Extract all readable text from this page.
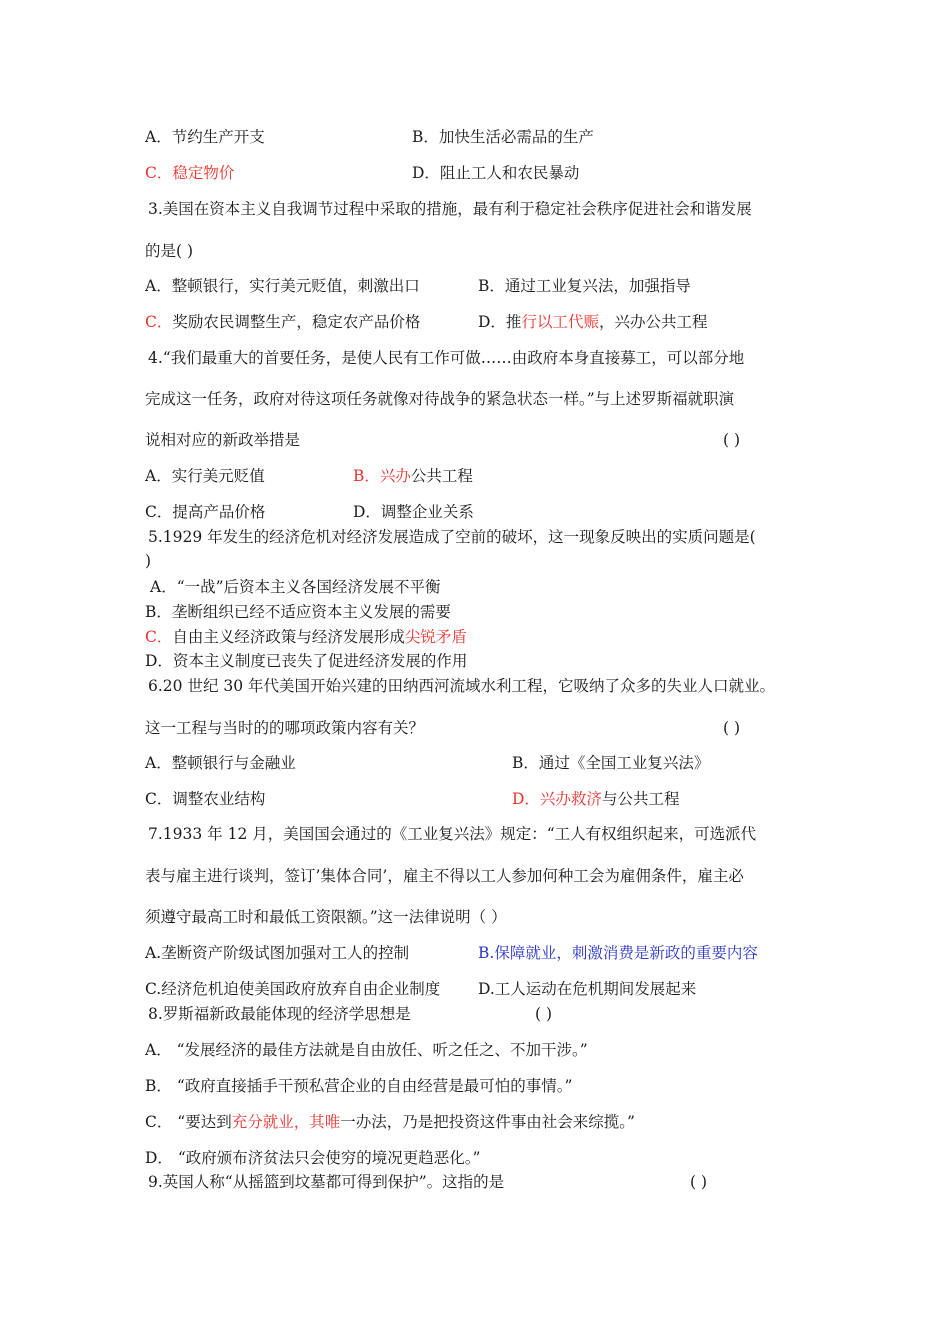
A．节约生产开支	B．加快生活必需品的生产
C．稳定物价	D．阻止工人和农民暴动
3.美国在资本主义自我调节过程中采取的措施，最有利于稳定社会秩序促进社会和谐发展
的是( )
A．整顿银行，实行美元贬值，刺激出口	B．通过工业复兴法，加强指导
C．奖励农民调整生产，稳定农产品价格	D．推行以工代赈，兴办公共工程
4.“我们最重大的首要任务，是使人民有工作可做……由政府本身直接募工，可以部分地
完成这一任务，政府对待这项任务就像对待战争的紧急状态一样。”与上述罗斯福就职演
说相对应的新政举措是	( )
A．实行美元贬值	B．兴办公共工程
C．提高产品价格	D．调整企业关系
5.1929 年发生的经济危机对经济发展造成了空前的破坏，这一现象反映出的实质问题是(
)
A．“一战”后资本主义各国经济发展不平衡
B．垄断组织已经不适应资本主义发展的需要
C．自由主义经济政策与经济发展形成尖锐矛盾
D．资本主义制度已丧失了促进经济发展的作用
6.20 世纪 30 年代美国开始兴建的田纳西河流域水利工程，它吸纳了众多的失业人口就业。
这一工程与当时的的哪项政策内容有关？	( )
A．整顿银行与金融业	B．通过《全国工业复兴法》
C．调整农业结构	D．兴办救济与公共工程
7.1933 年 12 月，美国国会通过的《工业复兴法》规定：“工人有权组织起来，可选派代
表与雇主进行谈判，签订’集体合同’，雇主不得以工人参加何种工会为雇佣条件，雇主必
须遵守最高工时和最低工资限额。”这一法律说明（ ）
A.垄断资产阶级试图加强对工人的控制	B.保障就业，刺激消费是新政的重要内容
C.经济危机迫使美国政府放弃自由企业制度 D.工人运动在危机期间发展起来
8.罗斯福新政最能体现的经济学思想是	( )
A． “发展经济的最佳方法就是自由放任、听之任之、不加干涉。”
B． “政府直接插手干预私营企业的自由经营是最可怕的事情。”
C． “要达到充分就业，其唯一办法，乃是把投资这件事由社会来综揽。”
D． “政府颁布济贫法只会使穷的境况更趋恶化。”
9.英国人称“从摇篮到坟墓都可得到保护”。这指的是	( )
